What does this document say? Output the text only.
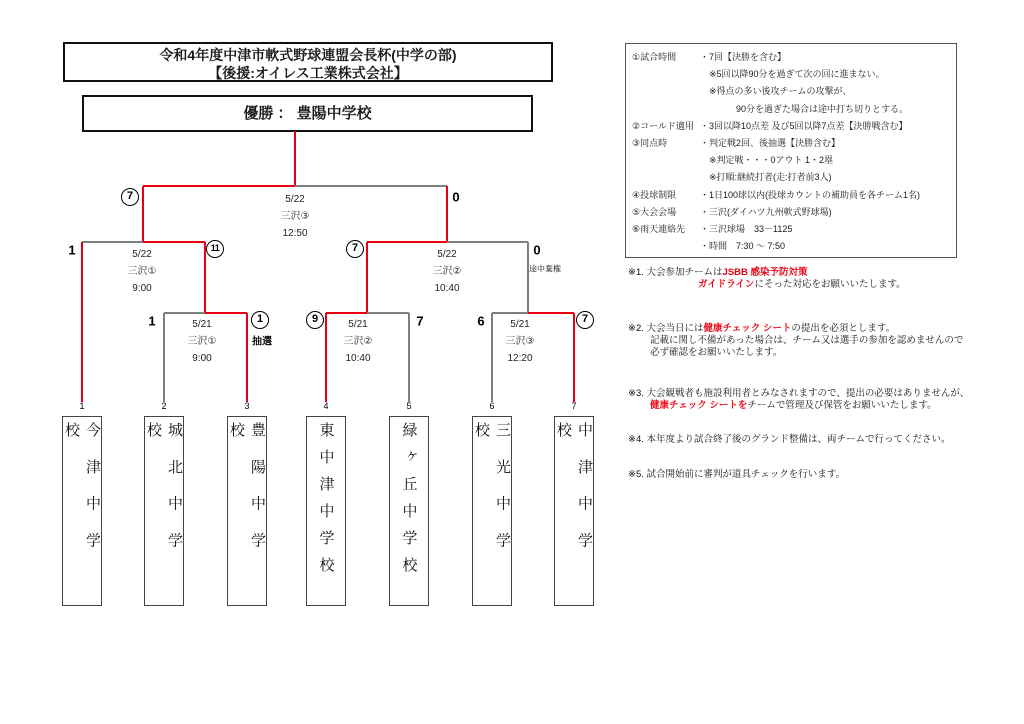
令和4年度中津市軟式野球連盟会長杯(中学の部)
【後援:オイレス工業株式会社】
優勝 ： 豊陽中学校
5/22
三沢③
12:50
7	0
5/22
三沢①
9:00
1	11
5/22
三沢②
10:40
7	0
途中棄権
5/21
三沢①
9:00
1	1
抽選
5/21
三沢②
10:40
9	7	5/21
三沢③
12:20
6	7
1	2	3	4	5	6	7
今津中学校	城北中学校	豊陽中学校	東中津中学校	緑ヶ丘中学校	三光中学校	中津中学校
①試合時間	・7回【決勝を含む】
　※5回以降90分を過ぎて次の回に進まない。
　※得点の多い後攻チームの攻撃が、
　　　　90分を過ぎた場合は途中打ち切りとする。
②コールド適用 ・3回以降10点差 及び5回以降7点差【決勝戦含む】
③同点時	・判定戦2回、後抽選【決勝含む】
　※判定戦・・・0アウト 1・2塁
　※打順:継続打者(走:打者前3人)
④投球制限	・1日100球以内(投球カウントの補助員を各チーム1名)
⑤大会会場	・三沢(ダイハツ九州軟式野球場)
⑥雨天連絡先	・三沢球場　33－1125
・時間　7:30 ～ 7:50
※1. 大会参加チームはJSBB 感染予防対策
ガイドラインにそった対応をお願いいたします。
※2. 大会当日には健康チェック シートの提出を必須とします。
記載に関し不備があった場合は、チーム又は選手の参加を認めませんので
必ず確認をお願いいたします。
※3. 大会観戦者も施設利用者とみなされますので、提出の必要はありませんが、
健康チェック シートをチームで管理及び保管をお願いいたします。
※4. 本年度より試合終了後のグランド整備は、両チームで行ってください。
※5. 試合開始前に審判が道具チェックを行います。
